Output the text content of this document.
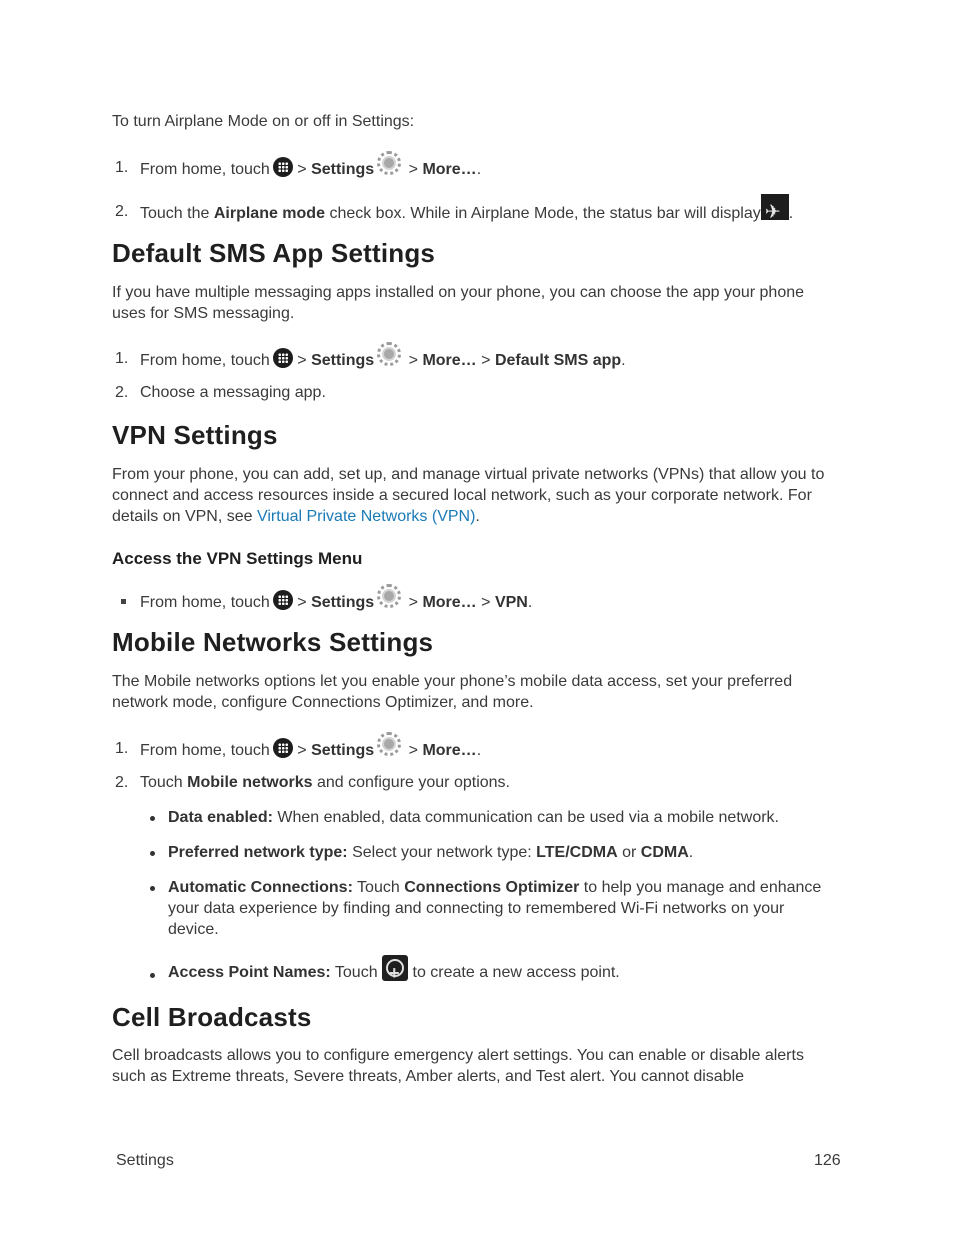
To turn Airplane Mode on or off in Settings:
1. From home, touch > Settings > More….
2. Touch the Airplane mode check box. While in Airplane Mode, the status bar will display ✈ .
Default SMS App Settings
If you have multiple messaging apps installed on your phone, you can choose the app your phone uses for SMS messaging.
1. From home, touch > Settings > More… > Default SMS app.
2. Choose a messaging app.
VPN Settings
From your phone, you can add, set up, and manage virtual private networks (VPNs) that allow you to connect and access resources inside a secured local network, such as your corporate network. For details on VPN, see Virtual Private Networks (VPN).
Access the VPN Settings Menu
From home, touch > Settings > More… > VPN.
Mobile Networks Settings
The Mobile networks options let you enable your phone’s mobile data access, set your preferred network mode, configure Connections Optimizer, and more.
1. From home, touch > Settings > More….
2. Touch Mobile networks and configure your options.
Data enabled: When enabled, data communication can be used via a mobile network.
Preferred network type: Select your network type: LTE/CDMA or CDMA.
Automatic Connections: Touch Connections Optimizer to help you manage and enhance your data experience by finding and connecting to remembered Wi-Fi networks on your device.
Access Point Names: Touch + to create a new access point.
Cell Broadcasts
Cell broadcasts allows you to configure emergency alert settings. You can enable or disable alerts such as Extreme threats, Severe threats, Amber alerts, and Test alert. You cannot disable
Settings	126
